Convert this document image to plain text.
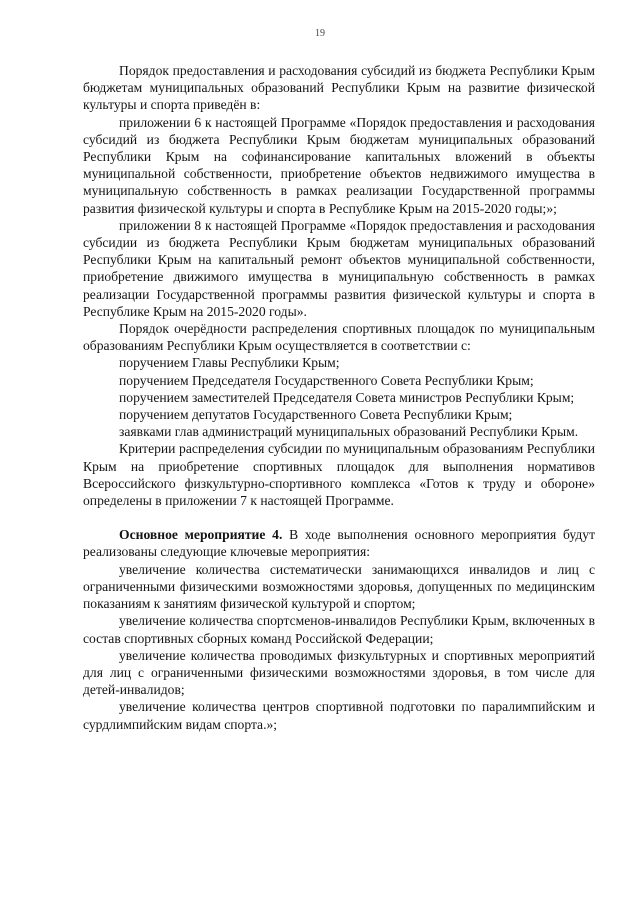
19

Порядок предоставления и расходования субсидий из бюджета Республики Крым бюджетам муниципальных образований Республики Крым на развитие физической культуры и спорта приведён в:

приложении 6 к настоящей Программе «Порядок предоставления и расходования субсидий из бюджета Республики Крым бюджетам муниципальных образований Республики Крым на софинансирование капитальных вложений в объекты муниципальной собственности, приобретение объектов недвижимого имущества в муниципальную собственность в рамках реализации Государственной программы развития физической культуры и спорта в Республике Крым на 2015-2020 годы;»;

приложении 8 к настоящей Программе «Порядок предоставления и расходования субсидии из бюджета Республики Крым бюджетам муниципальных образований Республики Крым на капитальный ремонт объектов муниципальной собственности, приобретение движимого имущества в муниципальную собственность в рамках реализации Государственной программы развития физической культуры и спорта в Республике Крым на 2015-2020 годы».

Порядок очерёдности распределения спортивных площадок по муниципальным образованиям Республики Крым осуществляется в соответствии с:

поручением Главы Республики Крым;

поручением Председателя Государственного Совета Республики Крым;

поручением заместителей Председателя Совета министров Республики Крым;

поручением депутатов Государственного Совета Республики Крым;

заявками глав администраций муниципальных образований Республики Крым.

Критерии распределения субсидии по муниципальным образованиям Республики Крым на приобретение спортивных площадок для выполнения нормативов Всероссийского физкультурно-спортивного комплекса «Готов к труду и обороне» определены в приложении 7 к настоящей Программе.

Основное мероприятие 4. В ходе выполнения основного мероприятия будут реализованы следующие ключевые мероприятия:

увеличение количества систематически занимающихся инвалидов и лиц с ограниченными физическими возможностями здоровья, допущенных по медицинским показаниям к занятиям физической культурой и спортом;

увеличение количества спортсменов-инвалидов Республики Крым, включенных в состав спортивных сборных команд Российской Федерации;

увеличение количества проводимых физкультурных и спортивных мероприятий для лиц с ограниченными физическими возможностями здоровья, в том числе для детей-инвалидов;

увеличение количества центров спортивной подготовки по паралимпийским и сурдлимпийским видам спорта.»;
